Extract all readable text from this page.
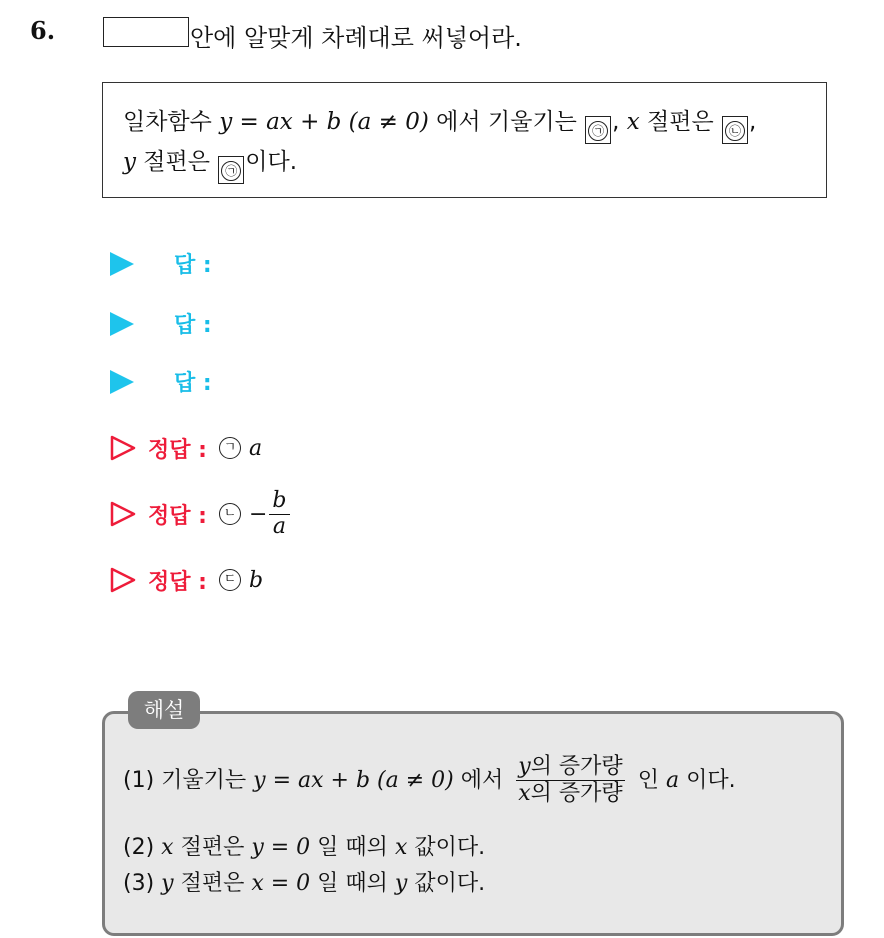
6.	안에 알맞게 차례대로 써넣어라.
일차함수 y = ax + b (a ≠ 0) 에서 기울기는 ㉠ , x 절편은 ㉡ ,
y 절편은 ㉠ 이다.
답 :
답 :
답 :
정답 :	ㄱ a
정답 :	ㄴ − $\frac{b}{a}$
정답 :	ㄷ b
(1) 기울기는 y = ax + b (a ≠ 0) 에서
y의 증가량
x의 증가량
인 a 이다.
(2) x 절편은 y = 0 일 때의 x 값이다.
(3) y 절편은 x = 0 일 때의 y 값이다.
해설
